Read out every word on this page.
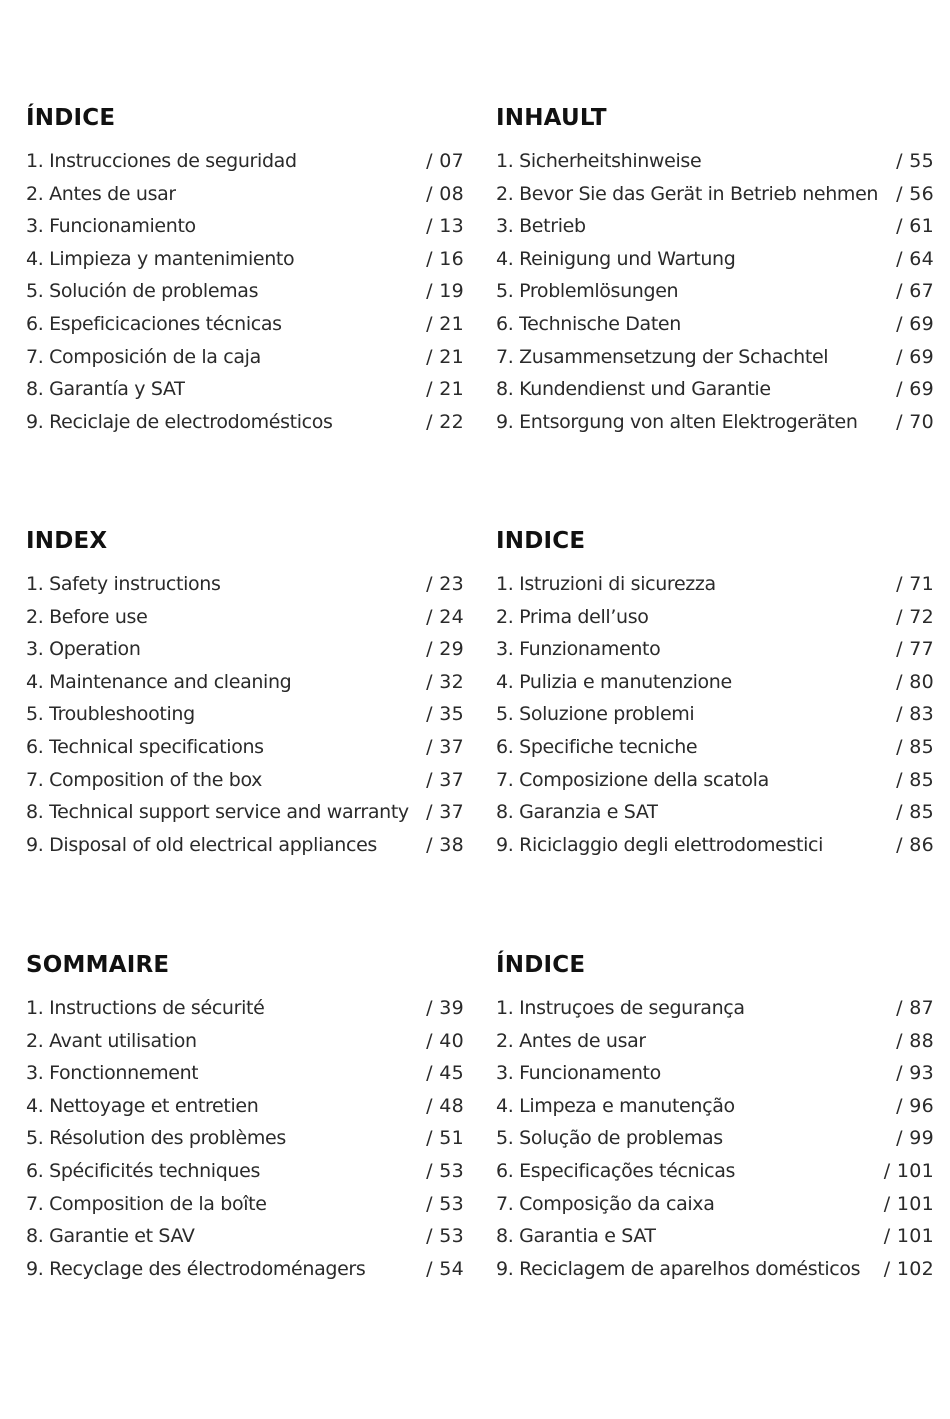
ÍNDICE
1. Instrucciones de seguridad	/ 07
2. Antes de usar	/ 08
3. Funcionamiento	/ 13
4. Limpieza y mantenimiento	/ 16
5. Solución de problemas	/ 19
6. Espeficicaciones técnicas	/ 21
7. Composición de la caja	/ 21
8. Garantía y SAT	/ 21
9. Reciclaje de electrodomésticos	/ 22
INHAULT
1. Sicherheitshinweise	/ 55
2. Bevor Sie das Gerät in Betrieb nehmen / 56
3. Betrieb	/ 61
4. Reinigung und Wartung	/ 64
5. Problemlösungen	/ 67
6. Technische Daten	/ 69
7. Zusammensetzung der Schachtel	/ 69
8. Kundendienst und Garantie	/ 69
9. Entsorgung von alten Elektrogeräten	/ 70
INDEX
1. Safety instructions	/ 23
2. Before use	/ 24
3. Operation	/ 29
4. Maintenance and cleaning	/ 32
5. Troubleshooting	/ 35
6. Technical specifications	/ 37
7. Composition of the box	/ 37
8. Technical support service and warranty / 37
9. Disposal of old electrical appliances	/ 38
INDICE
1. Istruzioni di sicurezza	/ 71
2. Prima dell’uso	/ 72
3. Funzionamento	/ 77
4. Pulizia e manutenzione	/ 80
5. Soluzione problemi	/ 83
6. Specifiche tecniche	/ 85
7. Composizione della scatola	/ 85
8. Garanzia e SAT	/ 85
9. Riciclaggio degli elettrodomestici	/ 86
SOMMAIRE
1. Instructions de sécurité	/ 39
2. Avant utilisation	/ 40
3. Fonctionnement	/ 45
4. Nettoyage et entretien	/ 48
5. Résolution des problèmes	/ 51
6. Spécificités techniques	/ 53
7. Composition de la boîte	/ 53
8. Garantie et SAV	/ 53
9. Recyclage des électrodoménagers	/ 54
ÍNDICE
1. Instruçoes de segurança	/ 87
2. Antes de usar	/ 88
3. Funcionamento	/ 93
4. Limpeza e manutenção	/ 96
5. Solução de problemas	/ 99
6. Especificações técnicas	/ 101
7. Composição da caixa	/ 101
8. Garantia e SAT	/ 101
9. Reciclagem de aparelhos domésticos	/ 102
